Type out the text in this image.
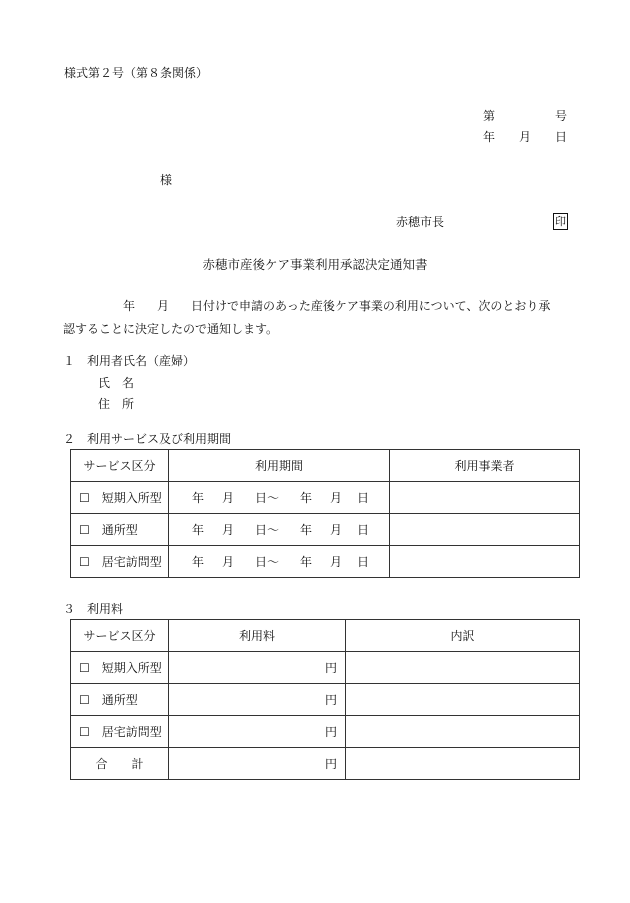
様式第２号（第８条関係）
第	号
年 月 日
様
赤穂市長	印
赤穂市産後ケア事業利用承認決定通知書
年 月 日付けで申請のあった産後ケア事業の利用について、次のとおり承
認することに決定したので通知します。
１　利用者氏名（産婦）
氏　名
住　所
２　利用サービス及び利用期間
サービス区分	利用期間	利用事業者
☐ 短期入所型	年 月 日～ 年 月 日	
☐ 通所型	年 月 日～ 年 月 日	
☐ 居宅訪問型	年 月 日～ 年 月 日	
３　利用料
サービス区分	利用料	内訳
☐ 短期入所型	円	
☐ 通所型	円	
☐ 居宅訪問型	円	
合　　計	円	
